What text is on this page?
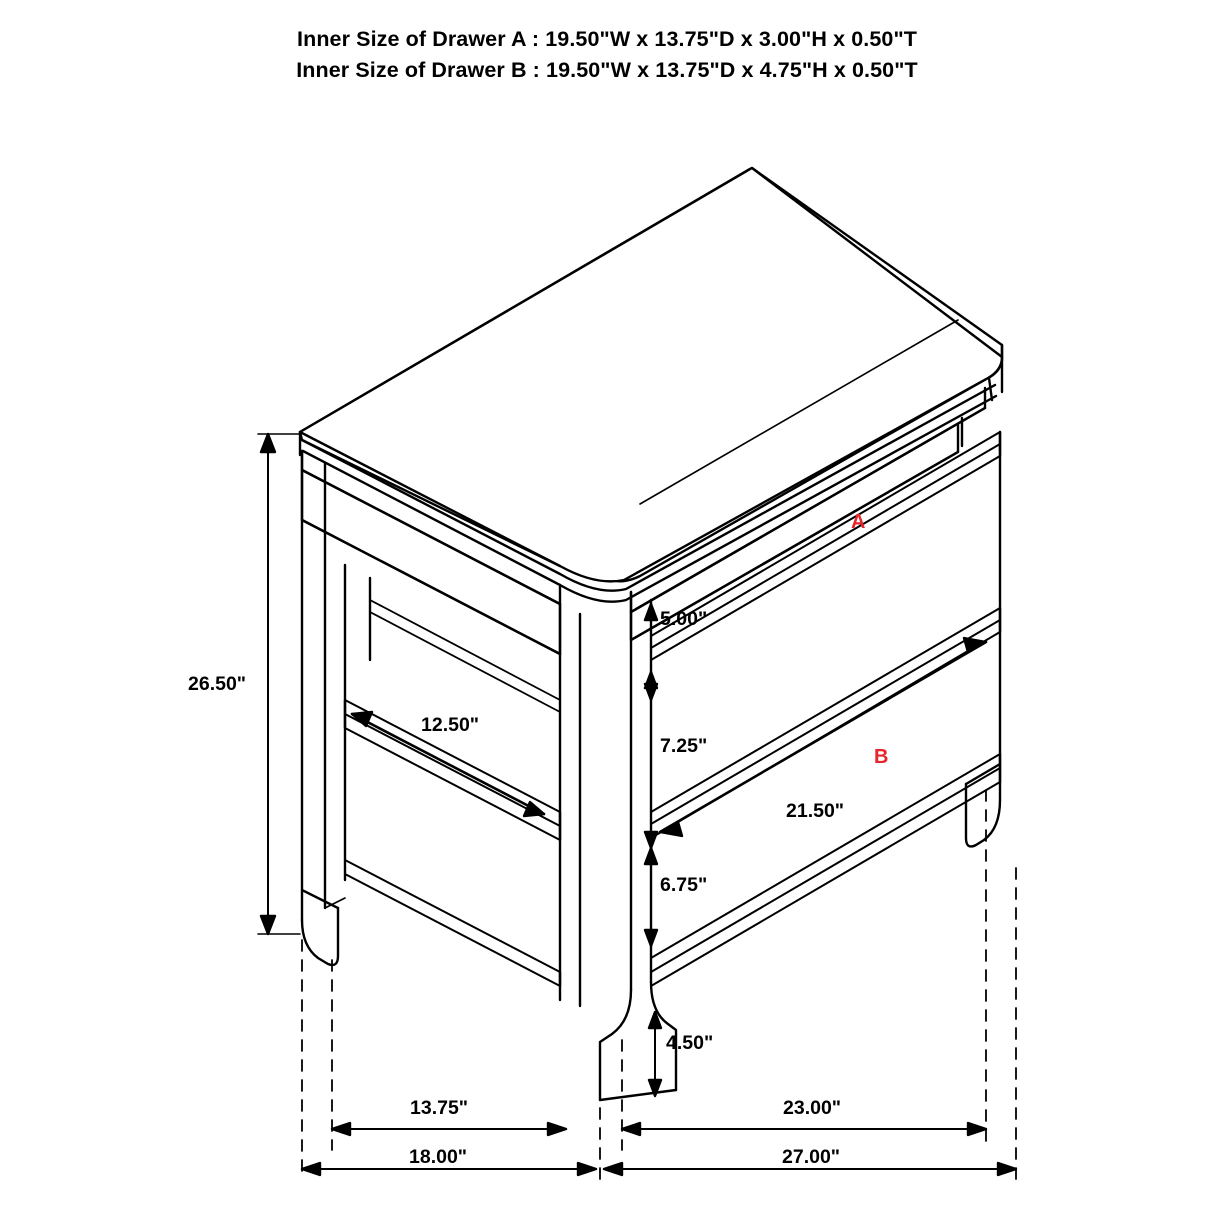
Inner Size of Drawer A : 19.50"W x 13.75"D x 3.00"H x 0.50"T
Inner Size of Drawer B : 19.50"W x 13.75"D x 4.75"H x 0.50"T
26.50"
5.00"
7.25"
6.75"
4.50"
12.50"
21.50"
13.75"	23.00"
18.00"	27.00"
A
B
